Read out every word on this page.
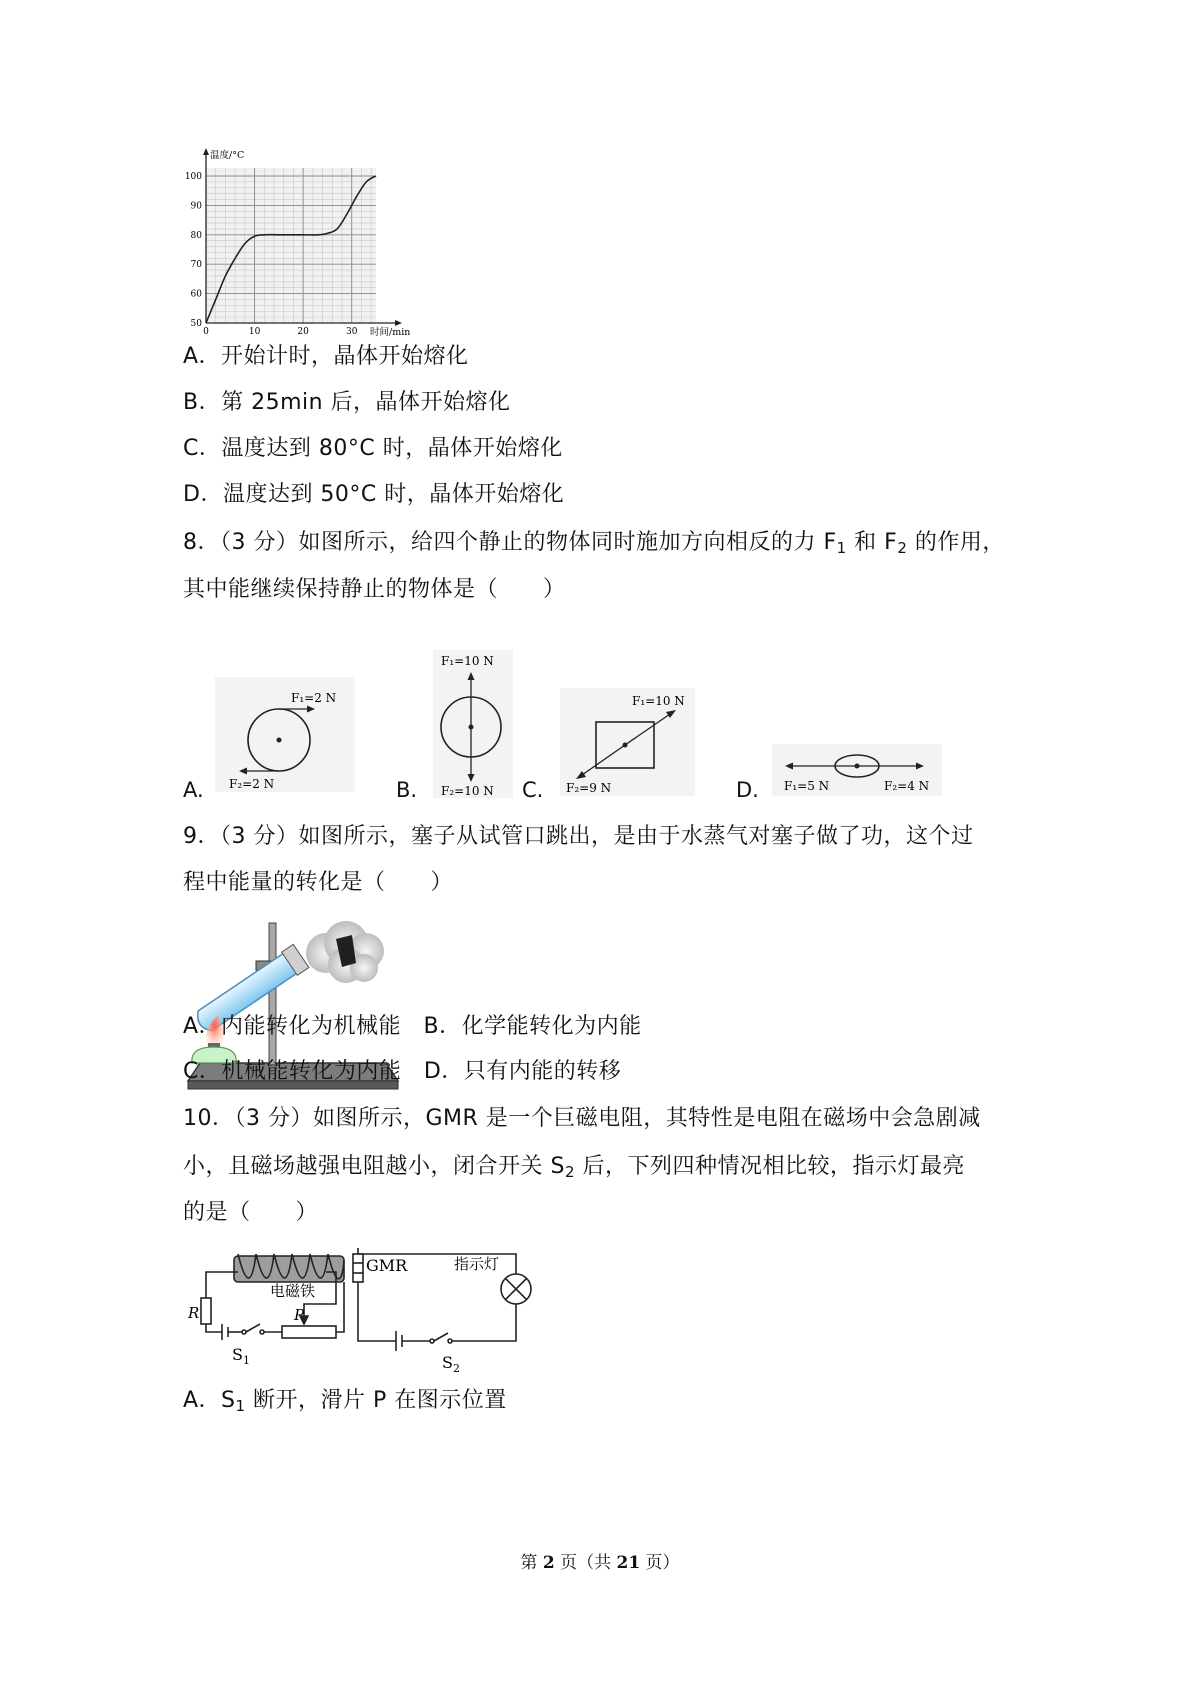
50
60
70
80
90
100
0	10	20	30
温度/°C
时间/min
A．开始计时，晶体开始熔化
B．第 25min 后，晶体开始熔化
C．温度达到 80°C 时，晶体开始熔化
D．温度达到 50°C 时，晶体开始熔化
8．（3 分）如图所示，给四个静止的物体同时施加方向相反的力 $F_1$ 和 $F_2$ 的作用，
其中能继续保持静止的物体是（　　）
F₁=2 N
F₂=2 N
A.
F₁=10 N
F₂=10 N
B.	C.
F₁=10 N
F₂=9 N	D. F₁=5 N	F₂=4 N
9．（3 分）如图所示，塞子从试管口跳出，是由于水蒸气对塞子做了功，这个过
程中能量的转化是（　　）
A．内能转化为机械能　B．化学能转化为内能
C．机械能转化为内能　D．只有内能的转移
10．（3 分）如图所示，GMR 是一个巨磁电阻，其特性是电阻在磁场中会急剧减
小，且磁场越强电阻越小，闭合开关 $S_2$ 后，下列四种情况相比较，指示灯最亮
的是（　　）
电磁铁
R	P
$S_1$
GMR	指示灯
$S_2$
A．$S_1$ 断开，滑片 P 在图示位置
第 2 页（共 21 页）
